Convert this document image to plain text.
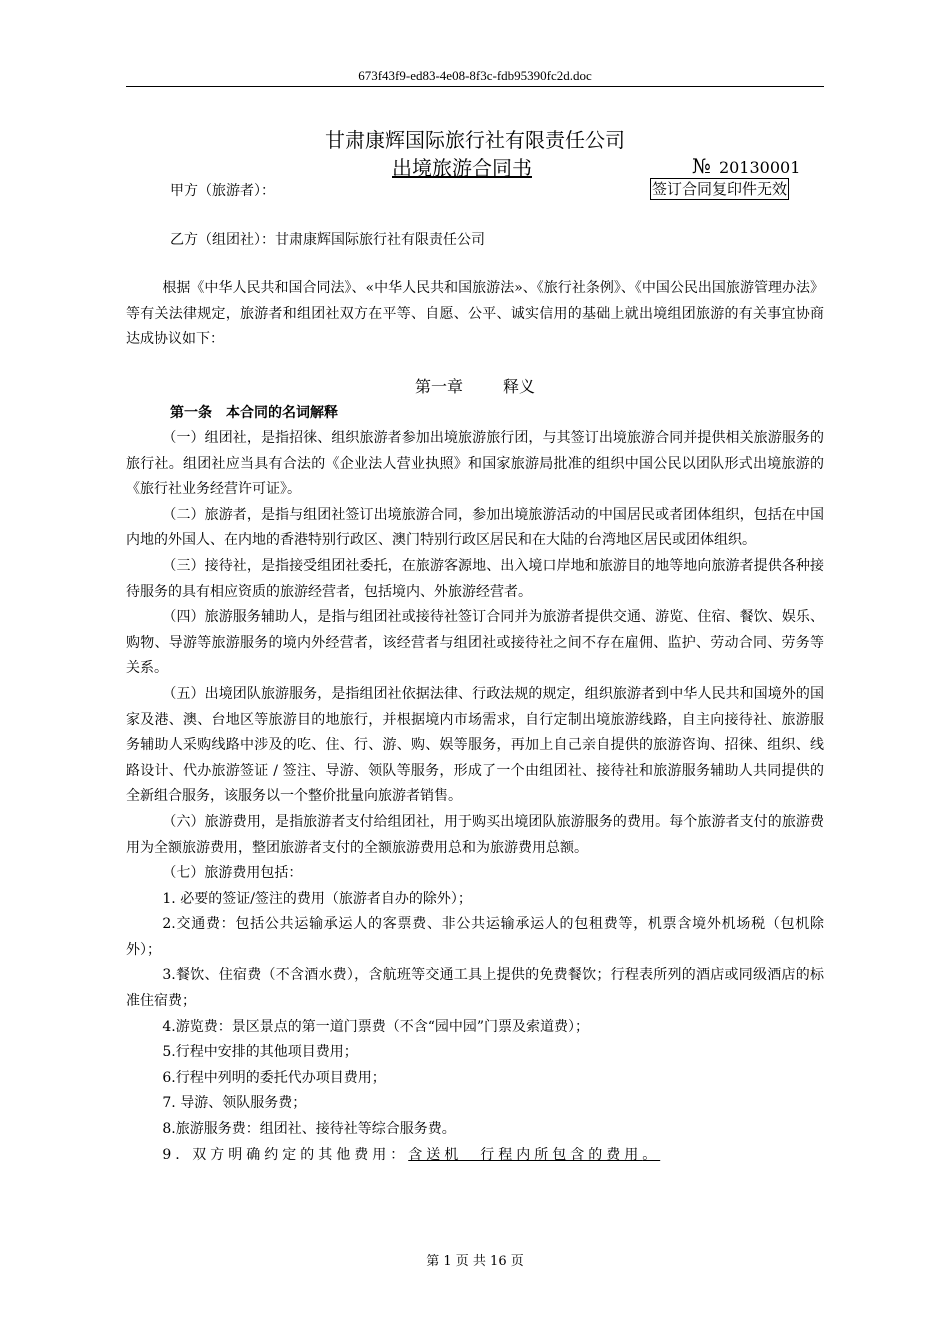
673f43f9-ed83-4e08-8f3c-fdb95390fc2d.doc
甘肃康辉国际旅行社有限责任公司
出境旅游合同书	№ 20130001
签订合同复印件无效
甲方（旅游者）：
乙方（组团社）：甘肃康辉国际旅行社有限责任公司

根据《中华人民共和国合同法》、«中华人民共和国旅游法»、《旅行社条例》、《中国公民出国旅游管理办法》等有关法律规定，旅游者和组团社双方在平等、自愿、公平、诚实信用的基础上就出境组团旅游的有关事宜协商达成协议如下：

第一章	释义
第一条 本合同的名词解释

（一）组团社，是指招徕、组织旅游者参加出境旅游旅行团，与其签订出境旅游合同并提供相关旅游服务的旅行社。组团社应当具有合法的《企业法人营业执照》和国家旅游局批准的组织中国公民以团队形式出境旅游的《旅行社业务经营许可证》。

（二）旅游者，是指与组团社签订出境旅游合同，参加出境旅游活动的中国居民或者团体组织，包括在中国内地的外国人、在内地的香港特别行政区、澳门特别行政区居民和在大陆的台湾地区居民或团体组织。

（三）接待社，是指接受组团社委托，在旅游客源地、出入境口岸地和旅游目的地等地向旅游者提供各种接待服务的具有相应资质的旅游经营者，包括境内、外旅游经营者。

（四）旅游服务辅助人，是指与组团社或接待社签订合同并为旅游者提供交通、游览、住宿、餐饮、娱乐、购物、导游等旅游服务的境内外经营者，该经营者与组团社或接待社之间不存在雇佣、监护、劳动合同、劳务等关系。

（五）出境团队旅游服务，是指组团社依据法律、行政法规的规定，组织旅游者到中华人民共和国境外的国家及港、澳、台地区等旅游目的地旅行，并根据境内市场需求，自行定制出境旅游线路，自主向接待社、旅游服务辅助人采购线路中涉及的吃、住、行、游、购、娱等服务，再加上自己亲自提供的旅游咨询、招徕、组织、线路设计、代办旅游签证 / 签注、导游、领队等服务，形成了一个由组团社、接待社和旅游服务辅助人共同提供的全新组合服务，该服务以一个整价批量向旅游者销售。

（六）旅游费用，是指旅游者支付给组团社，用于购买出境团队旅游服务的费用。每个旅游者支付的旅游费用为全额旅游费用，整团旅游者支付的全额旅游费用总和为旅游费用总额。

（七）旅游费用包括：

1. 必要的签证/签注的费用（旅游者自办的除外）；

2.交通费：包括公共运输承运人的客票费、非公共运输承运人的包租费等，机票含境外机场税（包机除外）；

3.餐饮、住宿费（不含酒水费），含航班等交通工具上提供的免费餐饮；行程表所列的酒店或同级酒店的标准住宿费；

4.游览费：景区景点的第一道门票费（不含“园中园”门票及索道费）；

5.行程中安排的其他项目费用；

6.行程中列明的委托代办项目费用；

7. 导游、领队服务费；

8.旅游服务费：组团社、接待社等综合服务费。

9. 双方明确约定的其他费用：含送机　行程内所包含的费用。

第 1 页 共 16 页
